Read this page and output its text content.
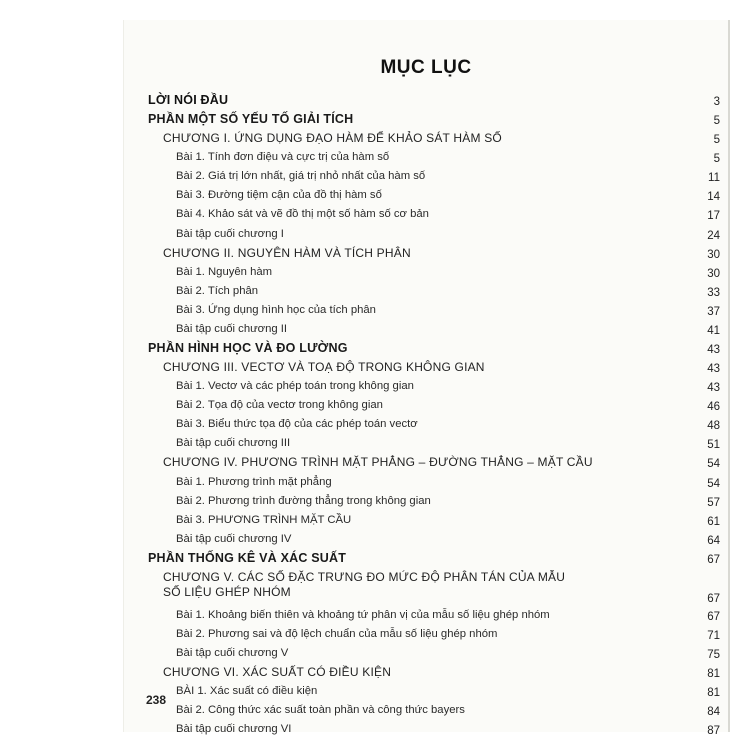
MỤC LỤC
LỜI NÓI ĐẦU	3
PHẦN MỘT SỐ YẾU TỐ GIẢI TÍCH	5
CHƯƠNG I. ỨNG DỤNG ĐẠO HÀM ĐỂ KHẢO SÁT HÀM SỐ	5
Bài 1. Tính đơn điệu và cực trị của hàm số	5
Bài 2. Giá trị lớn nhất, giá trị nhỏ nhất của hàm số	11
Bài 3. Đường tiệm cận của đồ thị hàm số	14
Bài 4. Khảo sát và vẽ đồ thị một số hàm số cơ bản	17
Bài tập cuối chương I	24
CHƯƠNG II. NGUYÊN HÀM VÀ TÍCH PHÂN	30
Bài 1. Nguyên hàm	30
Bài 2. Tích phân	33
Bài 3. Ứng dụng hình học của tích phân	37
Bài tập cuối chương II	41
PHẦN HÌNH HỌC VÀ ĐO LƯỜNG	43
CHƯƠNG III. VECTƠ VÀ TOẠ ĐỘ TRONG KHÔNG GIAN	43
Bài 1. Vectơ và các phép toán trong không gian	43
Bài 2. Tọa độ của vectơ trong không gian	46
Bài 3. Biểu thức tọa độ của các phép toán vectơ	48
Bài tập cuối chương III	51
CHƯƠNG IV. PHƯƠNG TRÌNH MẶT PHẲNG – ĐƯỜNG THẲNG – MẶT CẦU	54
Bài 1. Phương trình mặt phẳng	54
Bài 2. Phương trình đường thẳng trong không gian	57
Bài 3. PHƯƠNG TRÌNH MẶT CẦU	61
Bài tập cuối chương IV	64
PHẦN THỐNG KÊ VÀ XÁC SUẤT	67
CHƯƠNG V. CÁC SỐ ĐẶC TRƯNG ĐO MỨC ĐỘ PHÂN TÁN CỦA MẪU SỐ LIỆU GHÉP NHÓM	67
Bài 1. Khoảng biến thiên và khoảng tứ phân vị của mẫu số liệu ghép nhóm	67
Bài 2. Phương sai và độ lệch chuẩn của mẫu số liệu ghép nhóm	71
Bài tập cuối chương V	75
CHƯƠNG VI. XÁC SUẤT CÓ ĐIỀU KIỆN	81
BÀI 1. Xác suất có điều kiện	81
Bài 2. Công thức xác suất toàn phần và công thức bayers	84
Bài tập cuối chương VI	87
238
